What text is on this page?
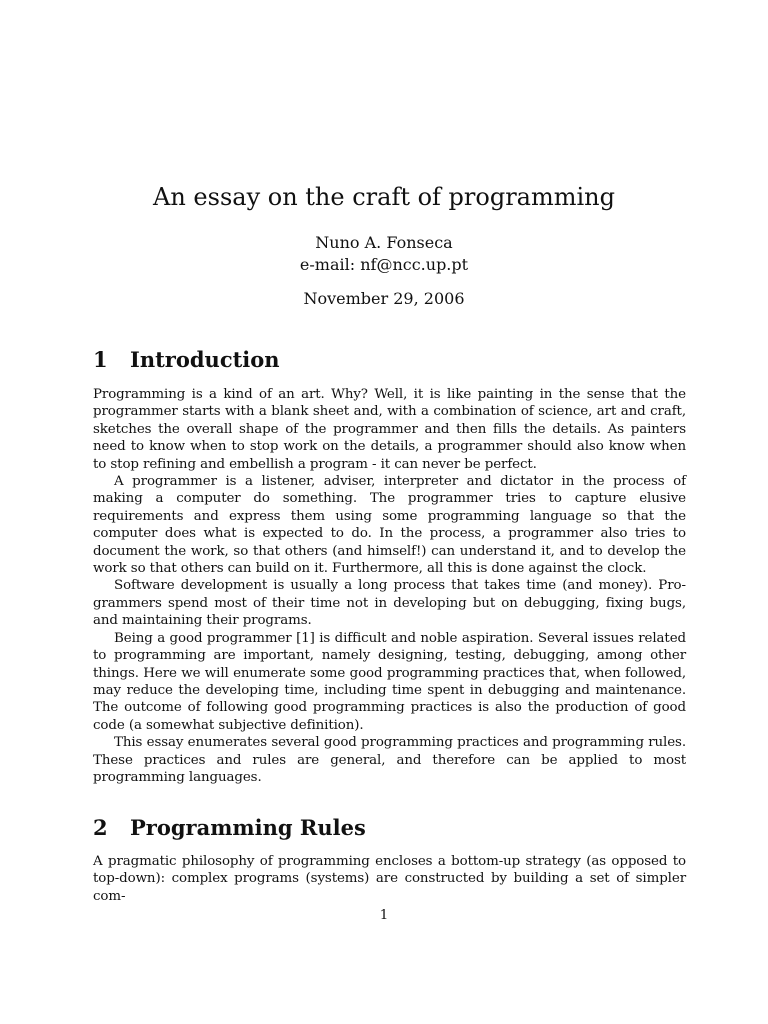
An essay on the craft of programming
Nuno A. Fonseca
e-mail: nf@ncc.up.pt
November 29, 2006
1 Introduction

Programming is a kind of an art. Why? Well, it is like painting in the sense that the programmer starts with a blank sheet and, with a combination of science, art and craft, sketches the overall shape of the programmer and then fills the details. As painters need to know when to stop work on the details, a programmer should also know when to stop refining and embellish a program - it can never be perfect.

A programmer is a listener, adviser, interpreter and dictator in the process of making a computer do something. The programmer tries to capture elusive requirements and express them using some programming language so that the computer does what is expected to do. In the process, a programmer also tries to document the work, so that others (and himself!) can understand it, and to develop the work so that others can build on it. Furthermore, all this is done against the clock.

Software development is usually a long process that takes time (and money). Programmers spend most of their time not in developing but on debugging, fixing bugs, and maintaining their programs.

Being a good programmer [1] is difficult and noble aspiration. Several issues related to programming are important, namely designing, testing, debugging, among other things. Here we will enumerate some good programming practices that, when followed, may reduce the developing time, including time spent in debugging and maintenance. The outcome of following good programming practices is also the production of good code (a somewhat subjective definition).

This essay enumerates several good programming practices and programming rules. These practices and rules are general, and therefore can be applied to most programming languages.

2 Programming Rules

A pragmatic philosophy of programming encloses a bottom-up strategy (as opposed to top-down): complex programs (systems) are constructed by building a set of simpler com-

1
